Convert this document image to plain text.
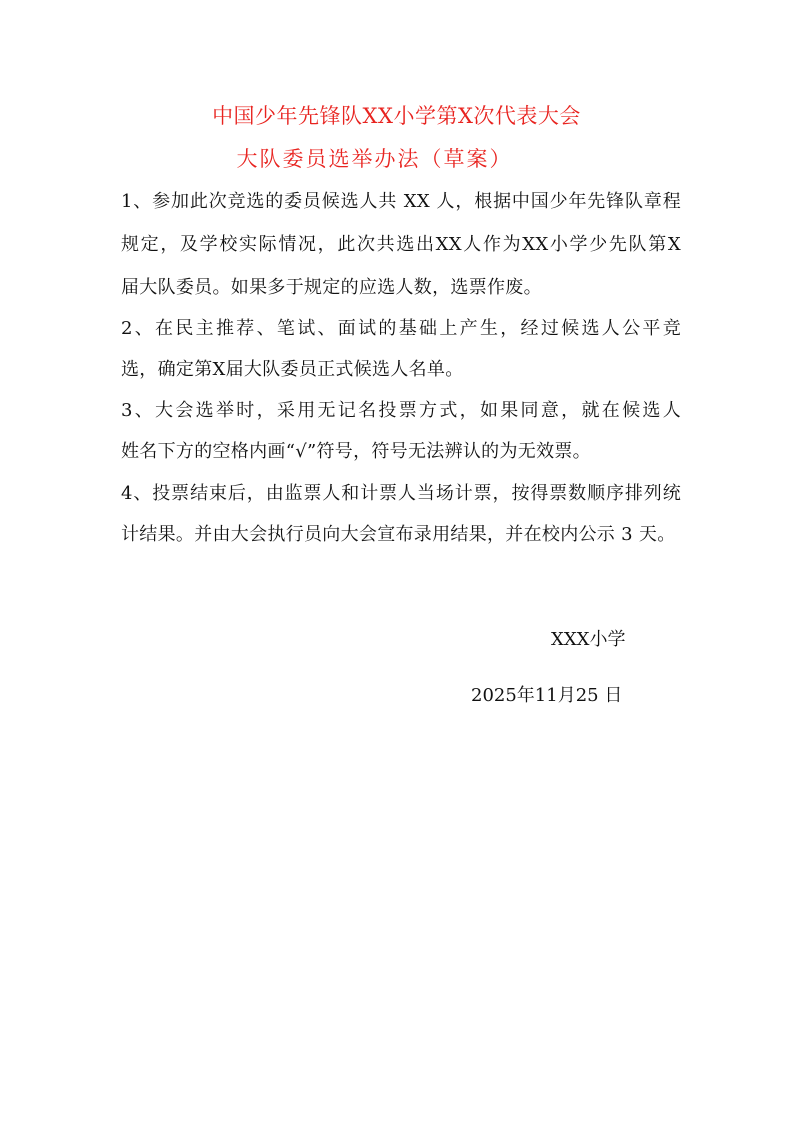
中国少年先锋队XX小学第X次代表大会
大队委员选举办法（草案）
1、参加此次竞选的委员候选人共 XX 人，根据中国少年先锋队章程
规定，及学校实际情况，此次共选出XX人作为XX小学少先队第X
届大队委员。如果多于规定的应选人数，选票作废。
2、在民主推荐、笔试、面试的基础上产生，经过候选人公平竞
选，确定第X届大队委员正式候选人名单。
3、大会选举时，采用无记名投票方式，如果同意，就在候选人
姓名下方的空格内画“√”符号，符号无法辨认的为无效票。
4、投票结束后，由监票人和计票人当场计票，按得票数顺序排列统
计结果。并由大会执行员向大会宣布录用结果，并在校内公示 3 天。
XXX小学
2025年11月25 日
